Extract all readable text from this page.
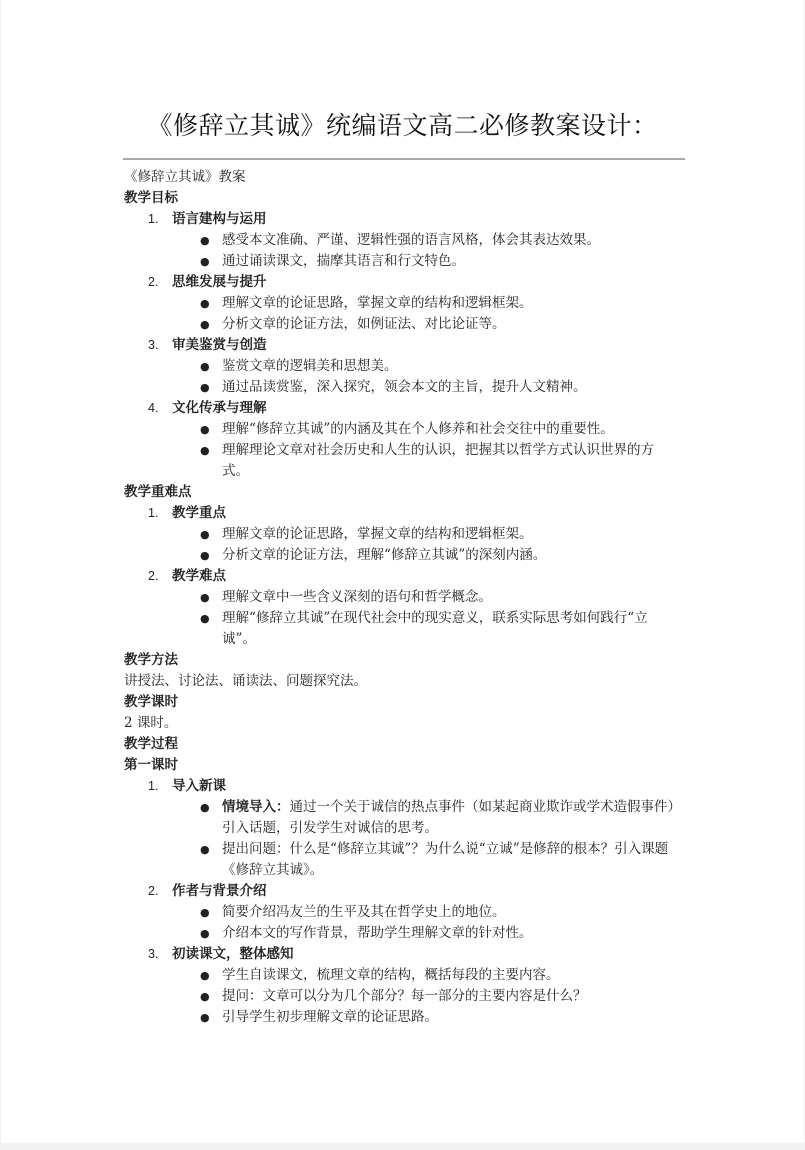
《修辞立其诚》统编语文高二必修教案设计：
《修辞立其诚》教案
教学目标
1.	语言建构与运用
● 感受本文准确、严谨、逻辑性强的语言风格，体会其表达效果。
● 通过诵读课文，揣摩其语言和行文特色。
2.	思维发展与提升
● 理解文章的论证思路，掌握文章的结构和逻辑框架。
● 分析文章的论证方法，如例证法、对比论证等。
3.	审美鉴赏与创造
● 鉴赏文章的逻辑美和思想美。
● 通过品读赏鉴，深入探究，领会本文的主旨，提升人文精神。
4.	文化传承与理解
● 理解“修辞立其诚”的内涵及其在个人修养和社会交往中的重要性。
● 理解理论文章对社会历史和人生的认识，把握其以哲学方式认识世界的方式。
教学重难点
1.	教学重点
● 理解文章的论证思路，掌握文章的结构和逻辑框架。
● 分析文章的论证方法，理解“修辞立其诚”的深刻内涵。
2.	教学难点
● 理解文章中一些含义深刻的语句和哲学概念。
● 理解“修辞立其诚”在现代社会中的现实意义，联系实际思考如何践行“立诚”。
教学方法
讲授法、讨论法、诵读法、问题探究法。
教学课时
2 课时。
教学过程
第一课时
1.	导入新课
● 情境导入：通过一个关于诚信的热点事件（如某起商业欺诈或学术造假事件）引入话题，引发学生对诚信的思考。
● 提出问题：什么是“修辞立其诚”？为什么说“立诚”是修辞的根本？引入课题《修辞立其诚》。
2.	作者与背景介绍
● 简要介绍冯友兰的生平及其在哲学史上的地位。
● 介绍本文的写作背景，帮助学生理解文章的针对性。
3.	初读课文，整体感知
● 学生自读课文，梳理文章的结构，概括每段的主要内容。
● 提问：文章可以分为几个部分？每一部分的主要内容是什么？
● 引导学生初步理解文章的论证思路。
